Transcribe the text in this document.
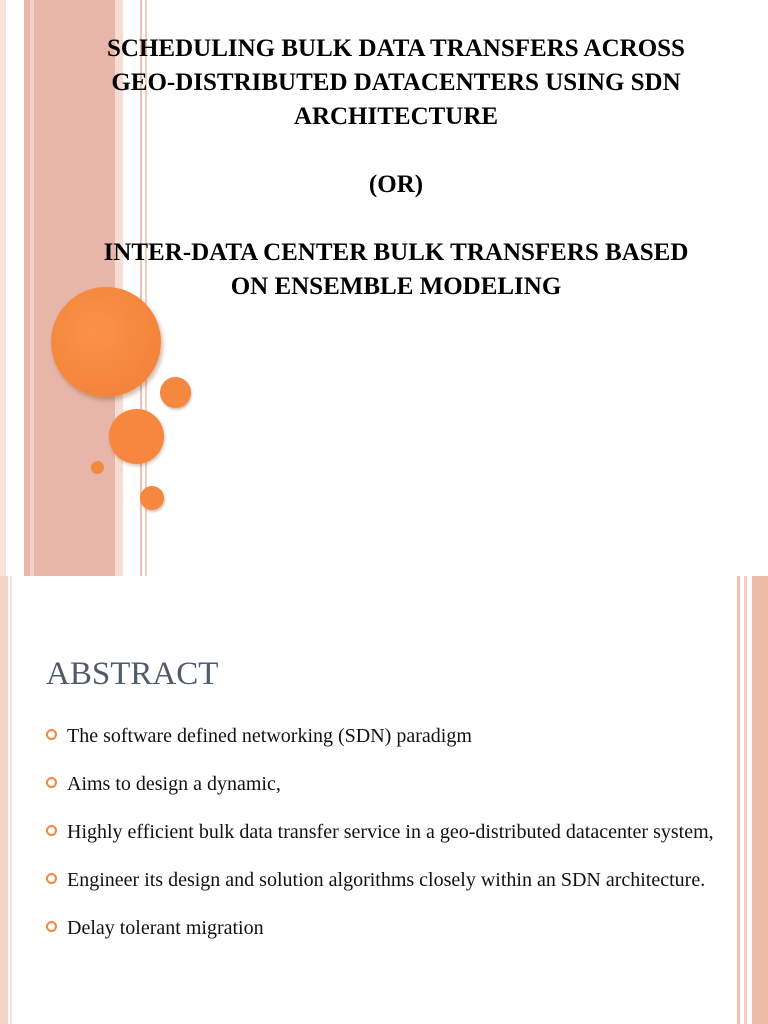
SCHEDULING BULK DATA TRANSFERS ACROSS

GEO-DISTRIBUTED DATACENTERS USING SDN

ARCHITECTURE

(OR)

INTER-DATA CENTER BULK TRANSFERS BASED

ON ENSEMBLE MODELING

ABSTRACT
The software defined networking (SDN) paradigm
Aims to design a dynamic,
Highly efficient bulk data transfer service in a geo-distributed datacenter system,
Engineer its design and solution algorithms closely within an SDN architecture.
Delay tolerant migration
